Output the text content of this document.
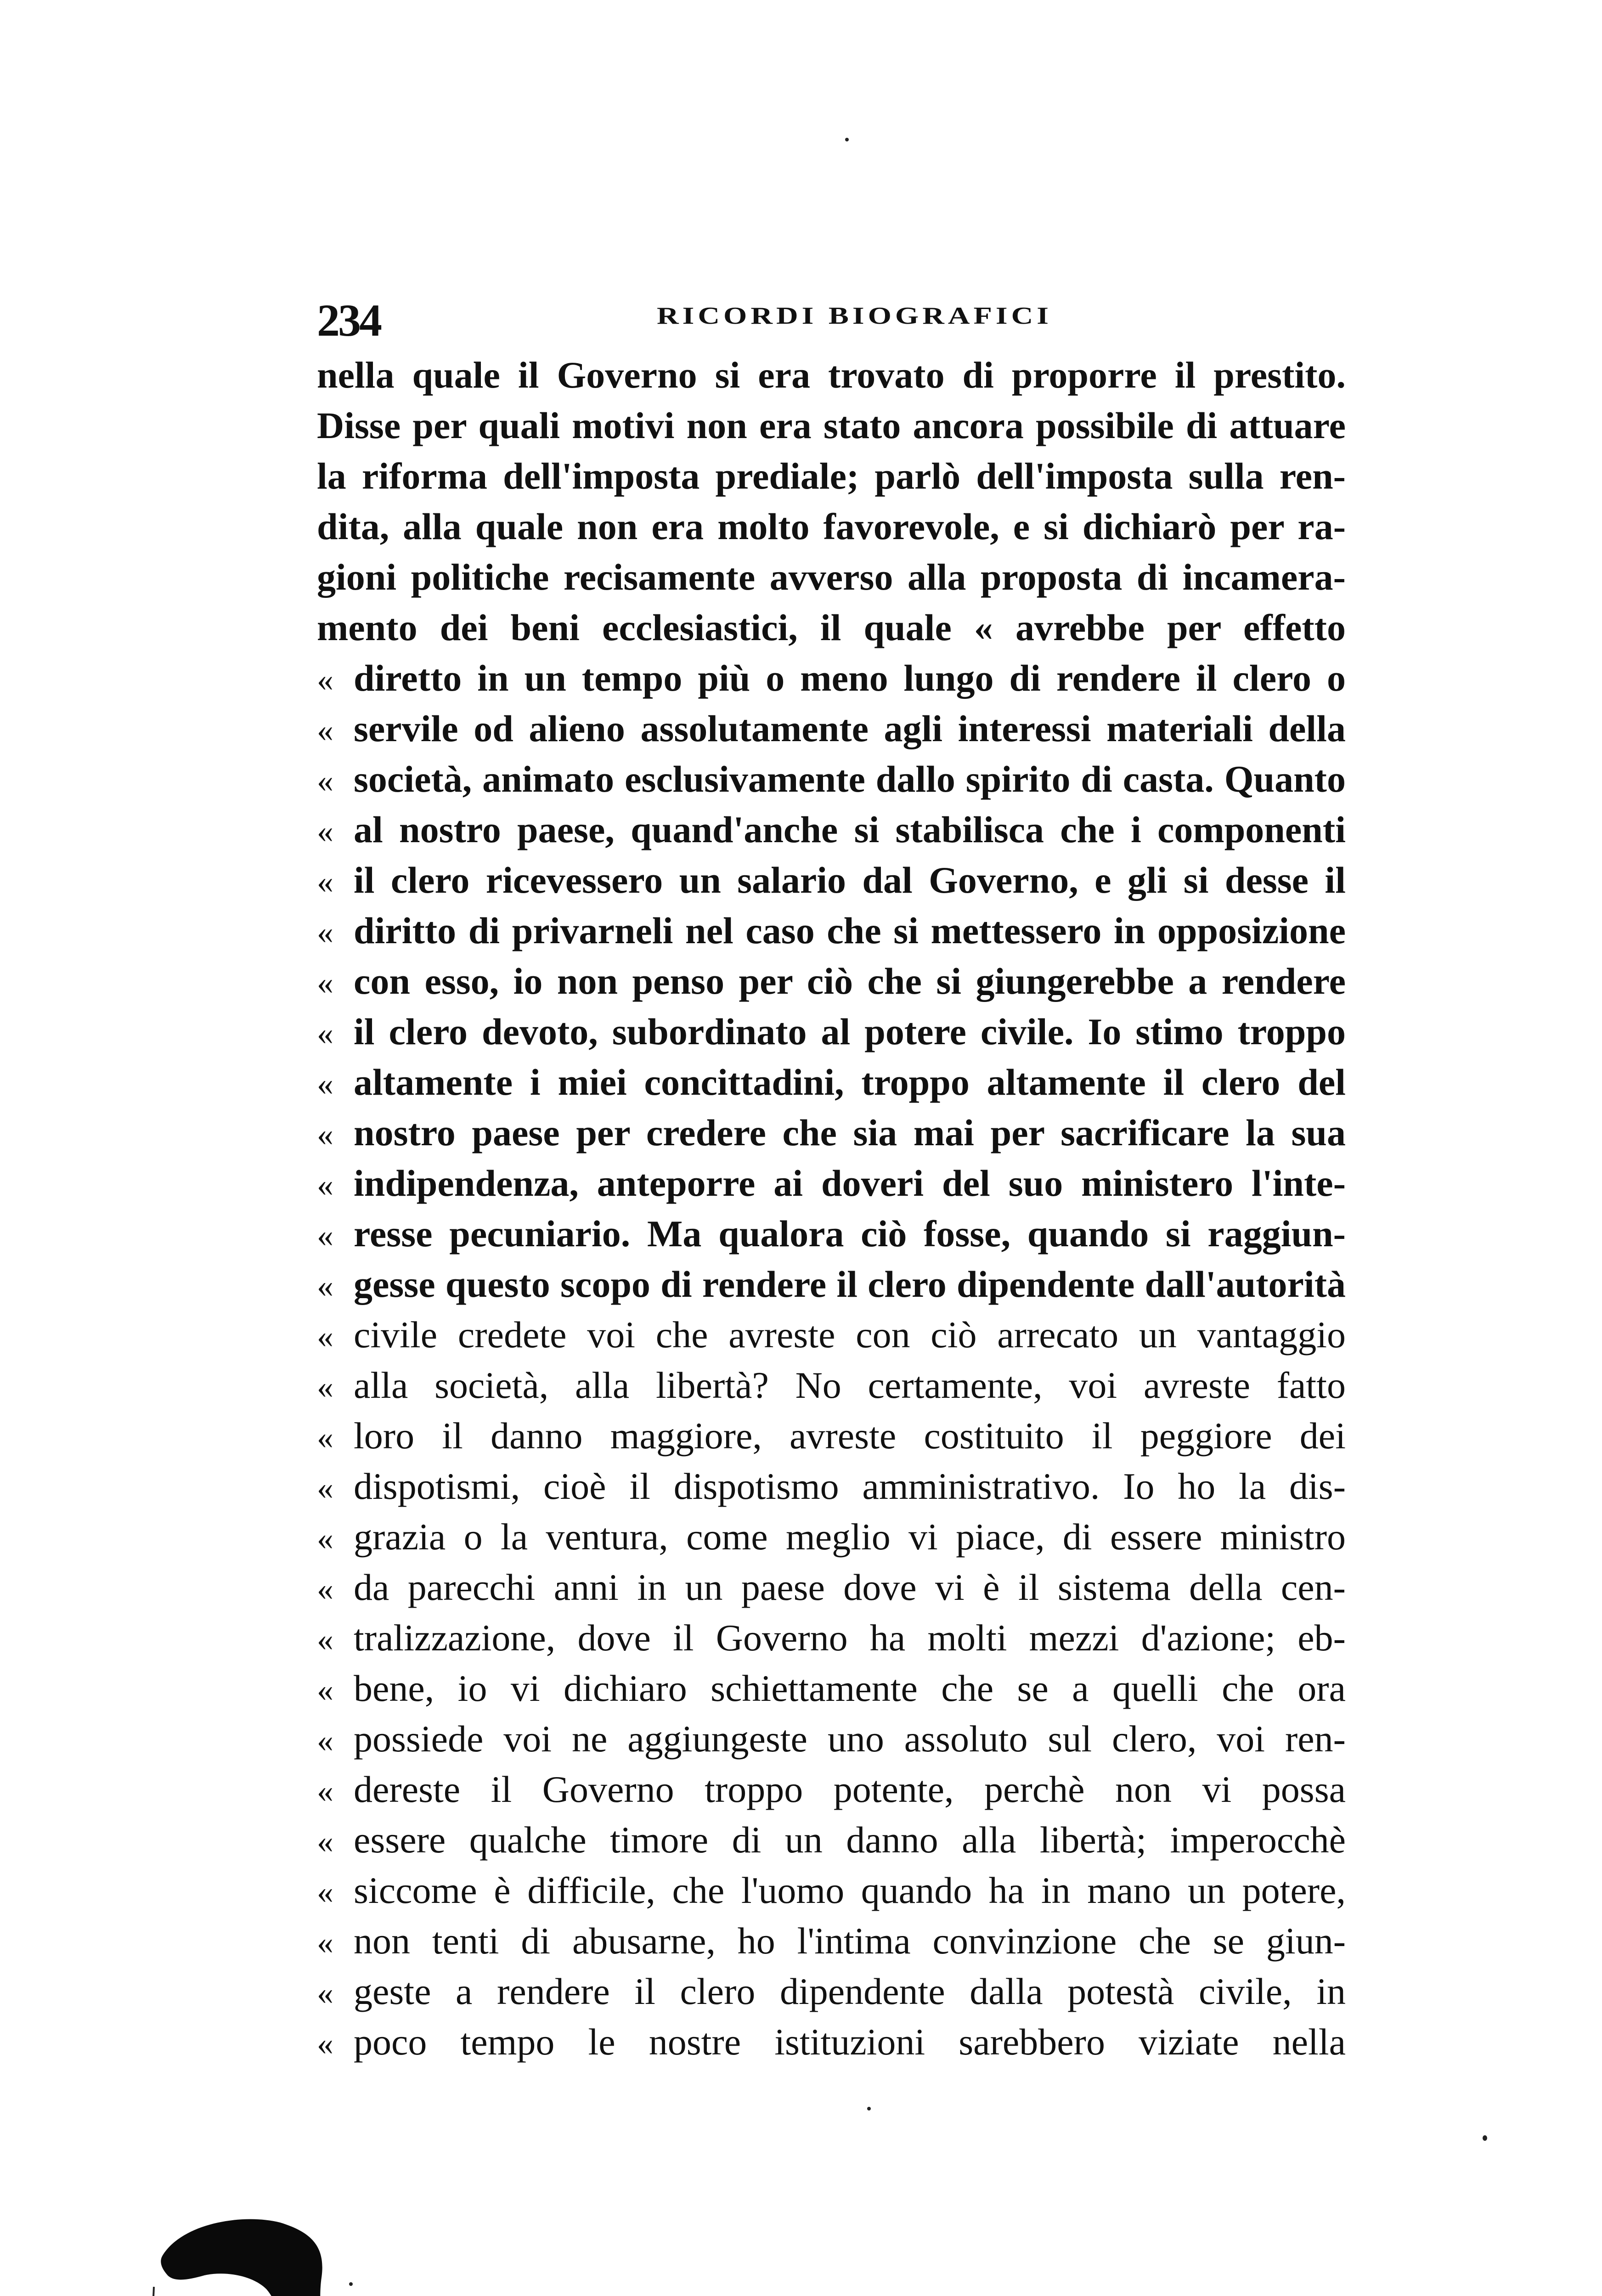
234	RICORDI BIOGRAFICI
nella quale il Governo si era trovato di proporre il prestito.
Disse per quali motivi non era stato ancora possibile di attuare
la riforma dell'imposta prediale; parlò dell'imposta sulla ren-
dita, alla quale non era molto favorevole, e si dichiarò per ra-
gioni politiche recisamente avverso alla proposta di incamera-
mento dei beni ecclesiastici, il quale « avrebbe per effetto
« diretto in un tempo più o meno lungo di rendere il clero o
« servile od alieno assolutamente agli interessi materiali della
« società, animato esclusivamente dallo spirito di casta. Quanto
« al nostro paese, quand'anche si stabilisca che i componenti
« il clero ricevessero un salario dal Governo, e gli si desse il
« diritto di privarneli nel caso che si mettessero in opposizione
« con esso, io non penso per ciò che si giungerebbe a rendere
« il clero devoto, subordinato al potere civile. Io stimo troppo
« altamente i miei concittadini, troppo altamente il clero del
« nostro paese per credere che sia mai per sacrificare la sua
« indipendenza, anteporre ai doveri del suo ministero l'inte-
« resse pecuniario. Ma qualora ciò fosse, quando si raggiun-
« gesse questo scopo di rendere il clero dipendente dall'autorità
« civile credete voi che avreste con ciò arrecato un vantaggio
« alla società, alla libertà? No certamente, voi avreste fatto
« loro il danno maggiore, avreste costituito il peggiore dei
« dispotismi, cioè il dispotismo amministrativo. Io ho la dis-
« grazia o la ventura, come meglio vi piace, di essere ministro
« da parecchi anni in un paese dove vi è il sistema della cen-
« tralizzazione, dove il Governo ha molti mezzi d'azione; eb-
« bene, io vi dichiaro schiettamente che se a quelli che ora
« possiede voi ne aggiungeste uno assoluto sul clero, voi ren-
« dereste il Governo troppo potente, perchè non vi possa
« essere qualche timore di un danno alla libertà; imperocchè
« siccome è difficile, che l'uomo quando ha in mano un potere,
« non tenti di abusarne, ho l'intima convinzione che se giun-
« geste a rendere il clero dipendente dalla potestà civile, in
« poco tempo le nostre istituzioni sarebbero viziate nella
